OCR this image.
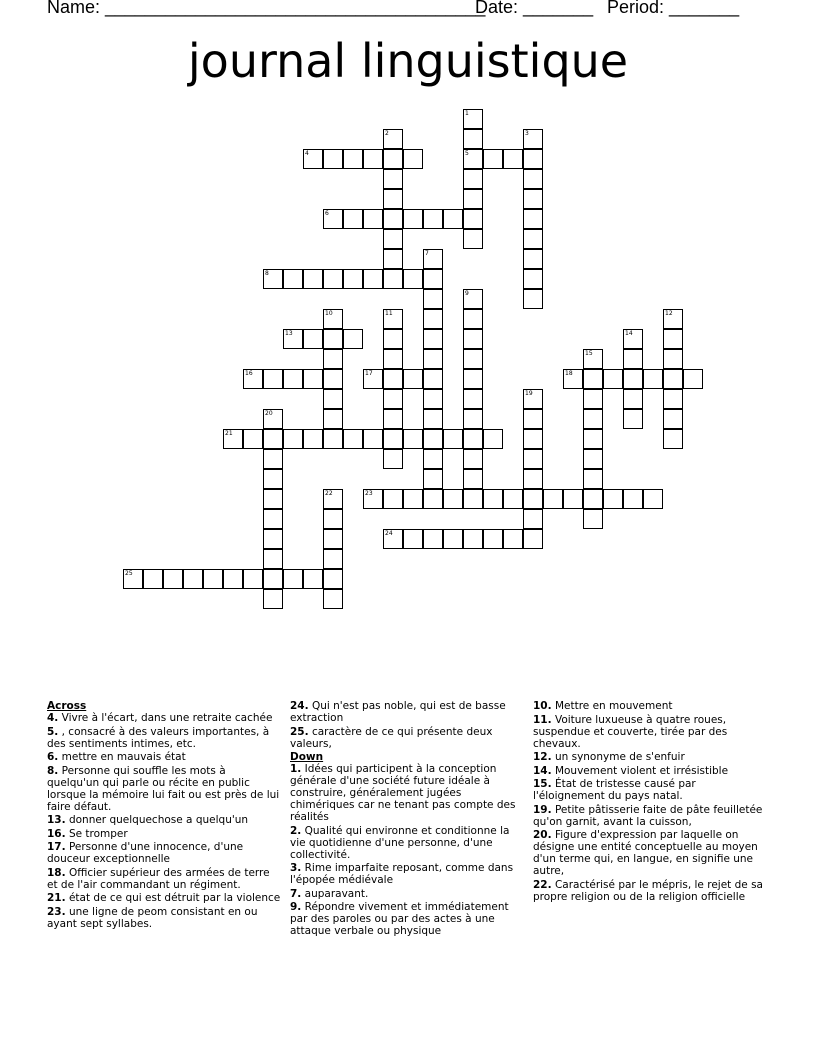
Name: ______________________________________
Date: _______ Period: _______
journal linguistique
1
5
2	3
4
6
7
8
9
10	11	12
13	14
15
16	17	18
19
20
21
22	23
24
25
Across
4. Vivre à l'écart, dans une retraite cachée
5. , consacré à des valeurs importantes, à des sentiments intimes, etc.
6. mettre en mauvais état
8. Personne qui souffle les mots à quelqu'un qui parle ou récite en public lorsque la mémoire lui fait ou est près de lui faire défaut.
13. donner quelquechose a quelqu'un
16. Se tromper
17. Personne d'une innocence, d'une douceur exceptionnelle
18. Officier supérieur des armées de terre et de l'air commandant un régiment.
21. état de ce qui est détruit par la violence
23. une ligne de peom consistant en ou ayant sept syllabes.
24. Qui n'est pas noble, qui est de basse extraction
25. caractère de ce qui présente deux valeurs,
Down
1. Idées qui participent à la conception générale d'une société future idéale à construire, généralement jugées chimériques car ne tenant pas compte des réalités
2. Qualité qui environne et conditionne la vie quotidienne d'une personne, d'une collectivité.
3. Rime imparfaite reposant, comme dans l'épopée médiévale
7. auparavant.
9. Répondre vivement et immédiatement par des paroles ou par des actes à une attaque verbale ou physique
10. Mettre en mouvement
11. Voiture luxueuse à quatre roues, suspendue et couverte, tirée par des chevaux.
12. un synonyme de s'enfuir
14. Mouvement violent et irrésistible
15. État de tristesse causé par l'éloignement du pays natal.
19. Petite pâtisserie faite de pâte feuilletée qu'on garnit, avant la cuisson,
20. Figure d'expression par laquelle on désigne une entité conceptuelle au moyen d'un terme qui, en langue, en signifie une autre,
22. Caractérisé par le mépris, le rejet de sa propre religion ou de la religion officielle
